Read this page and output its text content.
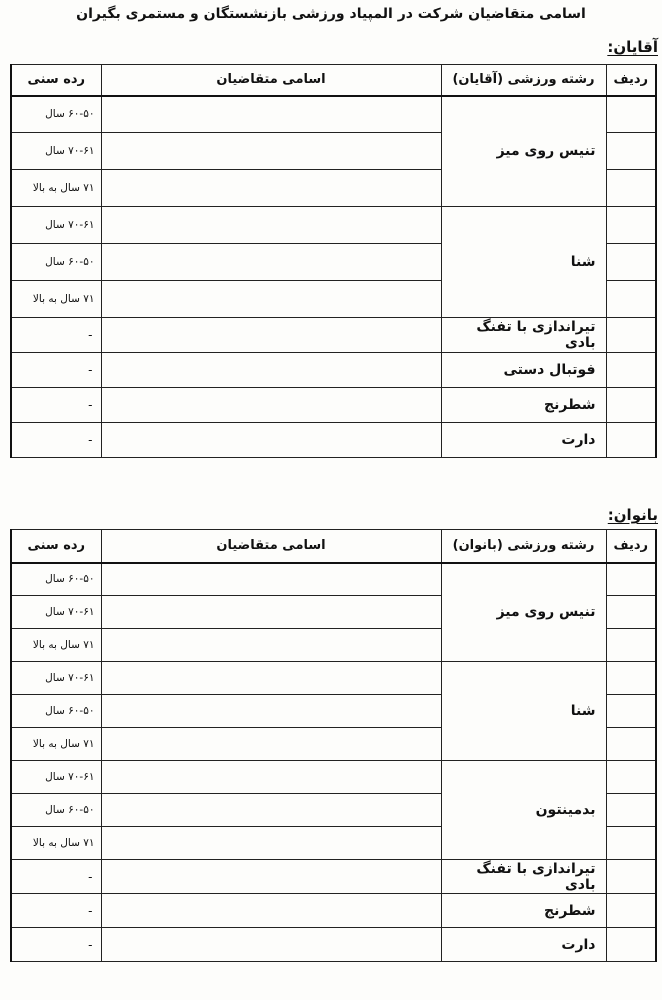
اسامی متقاضیان شرکت در المپیاد ورزشی بازنشستگان و مستمری بگیران
آقایان:
رده سنی	اسامی متقاضیان	رشته ورزشی (آقایان)	ردیف
۶۰-۵۰ سال		تنیس روی میز	
۷۰-۶۱ سال			
۷۱ سال به بالا			
۷۰-۶۱ سال		شنا	
۶۰-۵۰ سال			
۷۱ سال به بالا			
-		تیراندازی با تفنگ بادی	
-		فوتبال دستی	
-		شطرنج	
-		دارت	
بانوان:
رده سنی	اسامی متقاضیان	رشته ورزشی (بانوان)	ردیف
۶۰-۵۰ سال		تنیس روی میز	
۷۰-۶۱ سال			
۷۱ سال به بالا			
۷۰-۶۱ سال		شنا	
۶۰-۵۰ سال			
۷۱ سال به بالا			
۷۰-۶۱ سال		بدمینتون	
۶۰-۵۰ سال			
۷۱ سال به بالا			
-		تیراندازی با تفنگ بادی	
-		شطرنج	
-		دارت	
